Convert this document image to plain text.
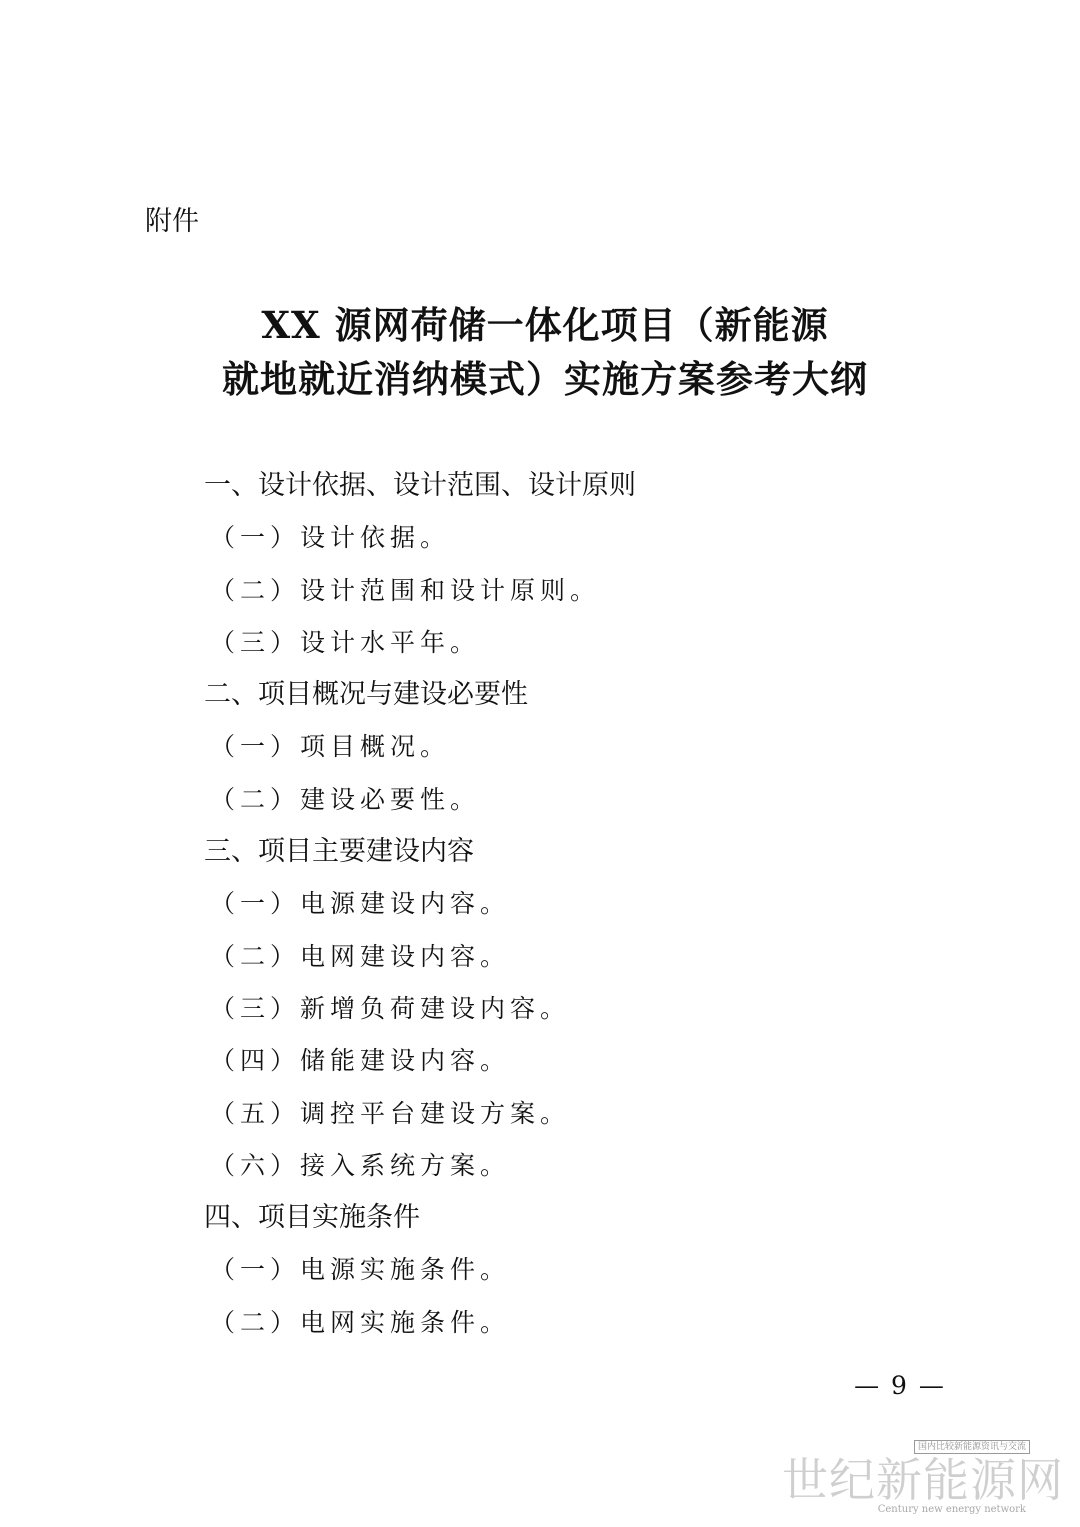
附件
XX 源网荷储一体化项目（新能源
就地就近消纳模式）实施方案参考大纲
一、设计依据、设计范围、设计原则
（一）设计依据。
（二）设计范围和设计原则。
（三）设计水平年。
二、项目概况与建设必要性
（一）项目概况。
（二）建设必要性。
三、项目主要建设内容
（一）电源建设内容。
（二）电网建设内容。
（三）新增负荷建设内容。
（四）储能建设内容。
（五）调控平台建设方案。
（六）接入系统方案。
四、项目实施条件
（一）电源实施条件。
（二）电网实施条件。
— 9 —
国内比较新能源资讯与交流
世纪新能源网
Century new energy network
